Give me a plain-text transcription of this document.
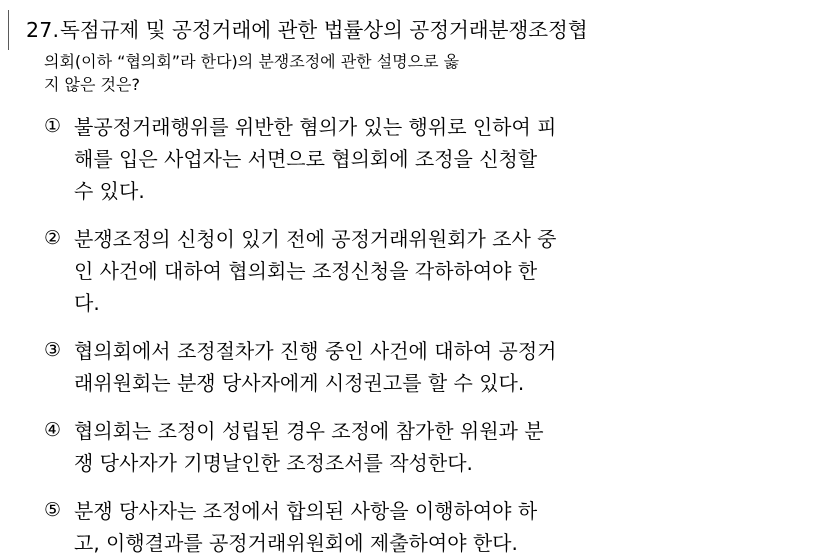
27. 독점규제 및 공정거래에 관한 법률상의 공정거래분쟁조정협
의회(이하 “협의회”라 한다)의 분쟁조정에 관한 설명으로 옳
지 않은 것은?
① 불공정거래행위를 위반한 혐의가 있는 행위로 인하여 피
해를 입은 사업자는 서면으로 협의회에 조정을 신청할
수 있다.
② 분쟁조정의 신청이 있기 전에 공정거래위원회가 조사 중
인 사건에 대하여 협의회는 조정신청을 각하하여야 한
다.
③ 협의회에서 조정절차가 진행 중인 사건에 대하여 공정거
래위원회는 분쟁 당사자에게 시정권고를 할 수 있다.
④ 협의회는 조정이 성립된 경우 조정에 참가한 위원과 분
쟁 당사자가 기명날인한 조정조서를 작성한다.
⑤ 분쟁 당사자는 조정에서 합의된 사항을 이행하여야 하
고, 이행결과를 공정거래위원회에 제출하여야 한다.
